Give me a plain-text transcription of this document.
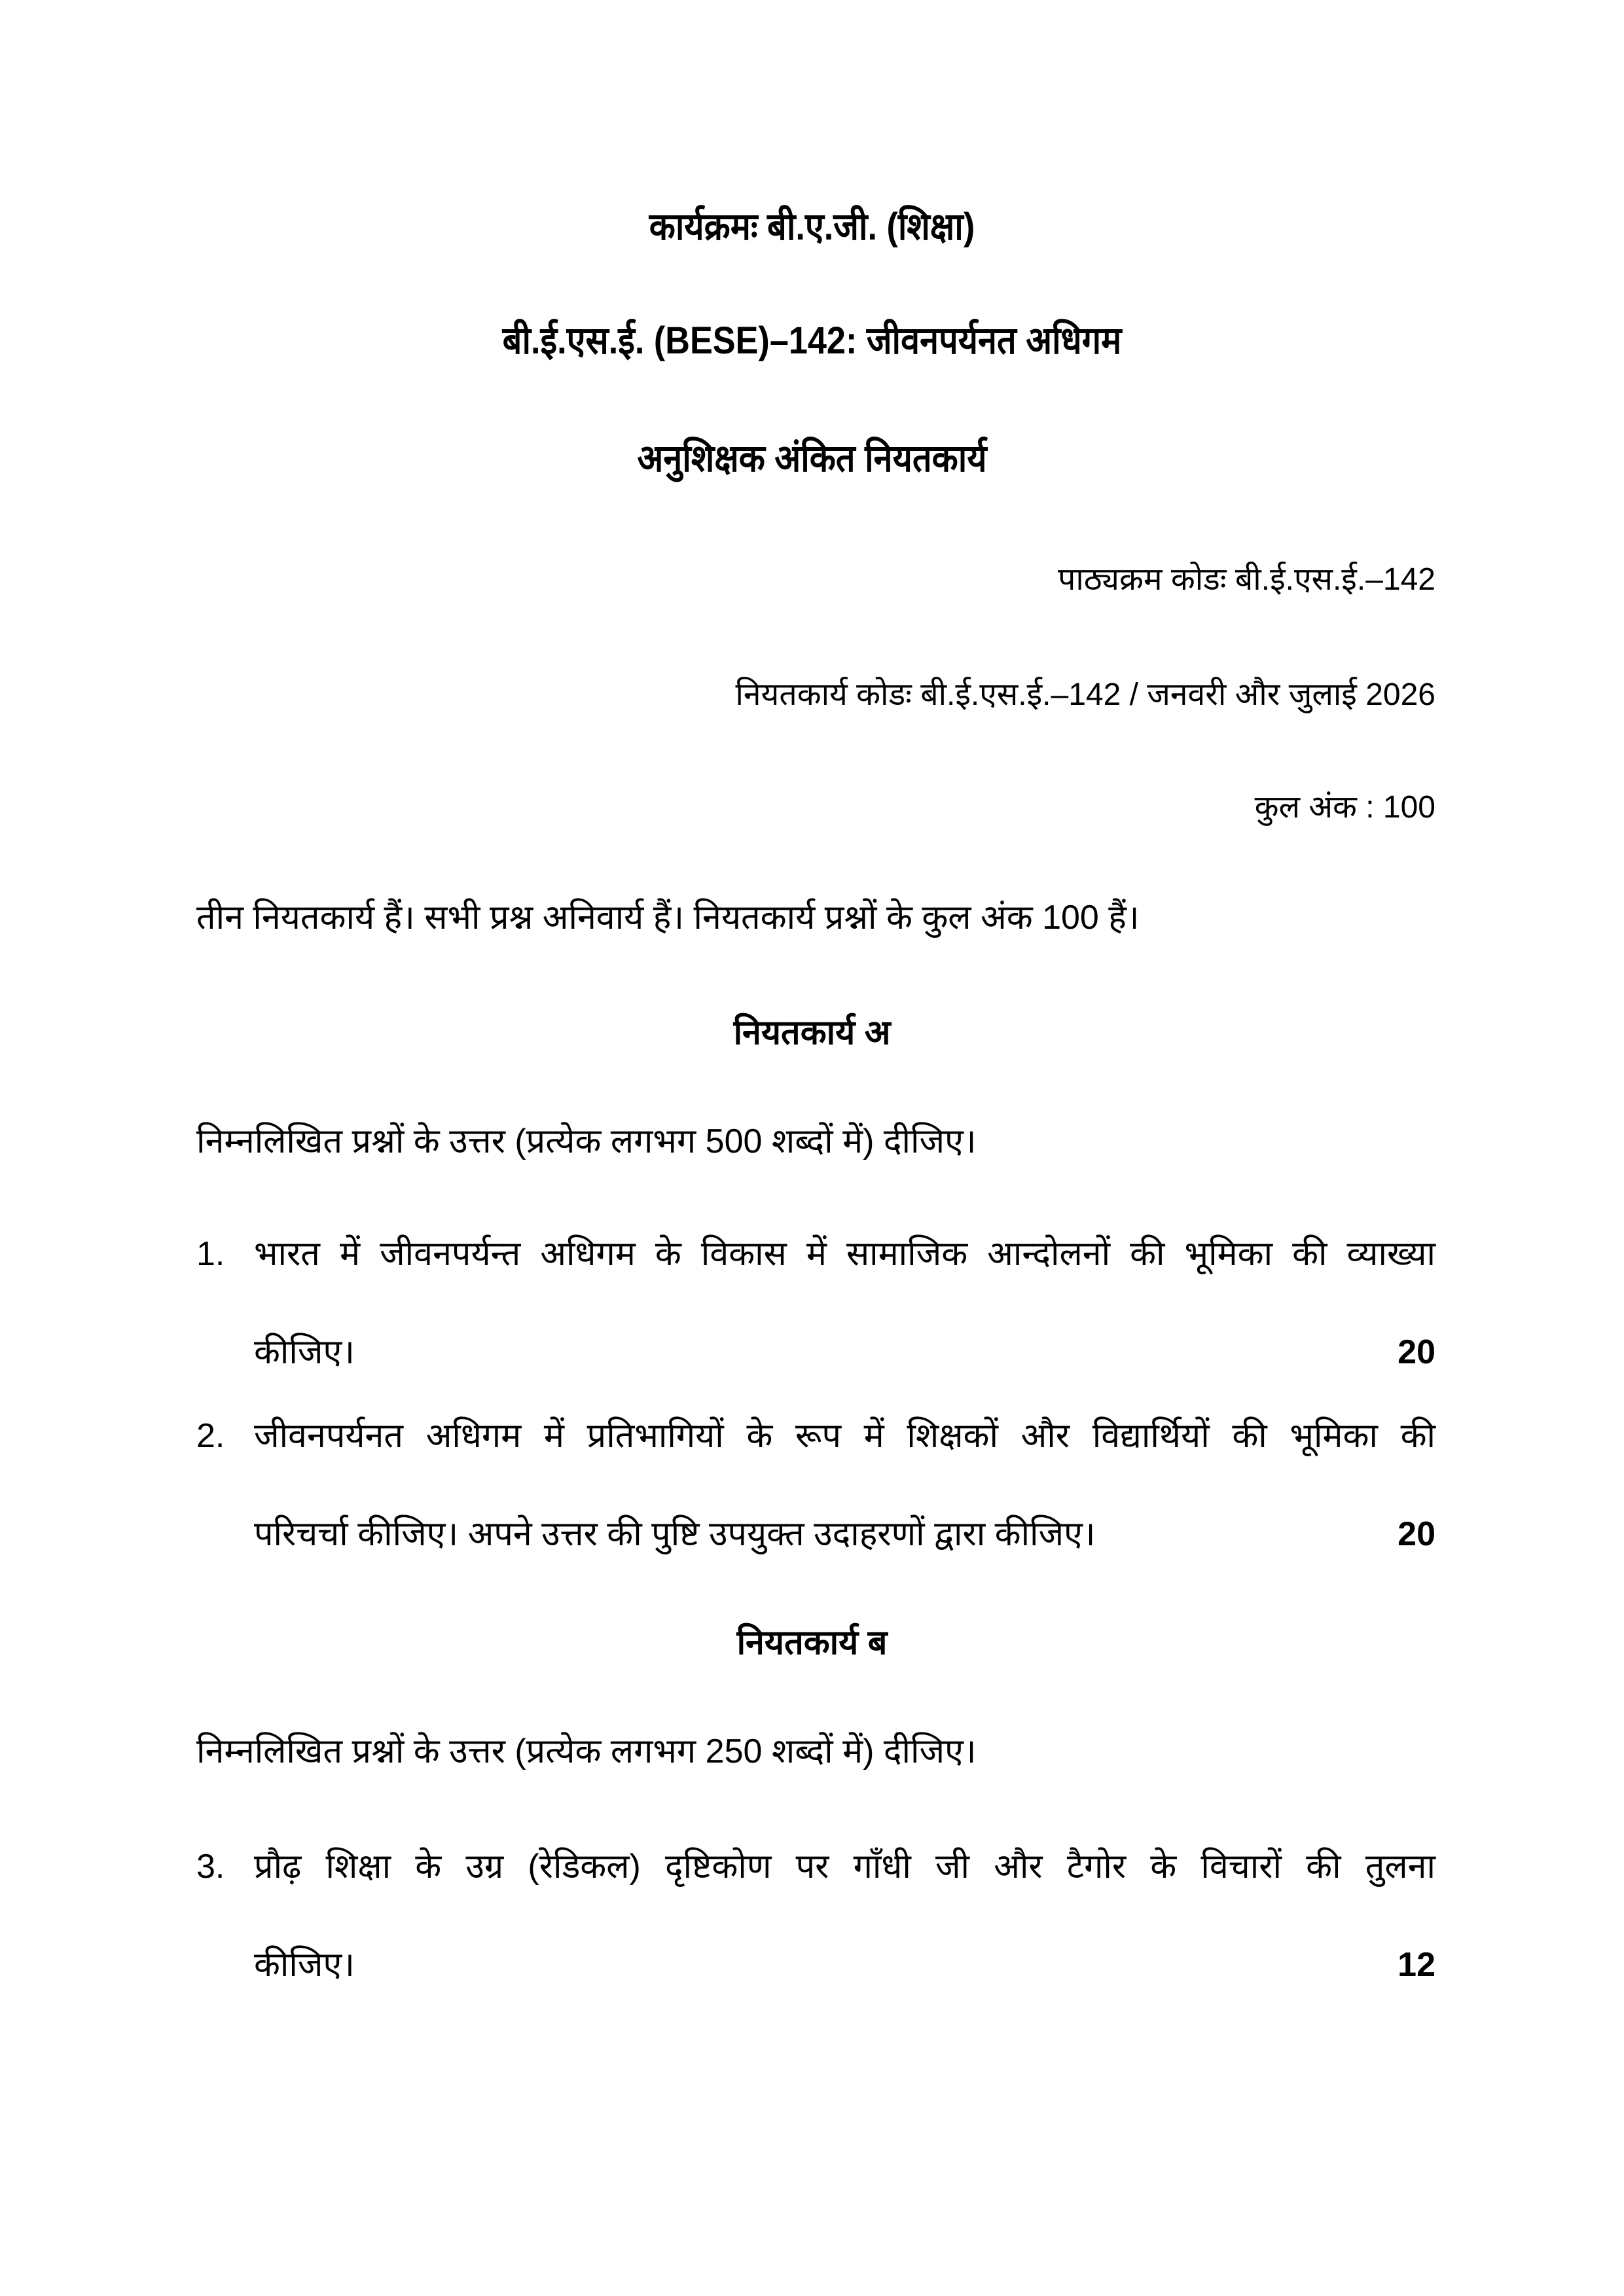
कार्यक्रमः बी.ए.जी. (शिक्षा)
बी.ई.एस.ई. (BESE)–142: जीवनपर्यनत अधिगम
अनुशिक्षक अंकित नियतकार्य
पाठ्यक्रम कोडः बी.ई.एस.ई.–142
नियतकार्य कोडः बी.ई.एस.ई.–142 / जनवरी और जुलाई 2026
कुल अंक : 100
तीन नियतकार्य हैं। सभी प्रश्न अनिवार्य हैं। नियतकार्य प्रश्नों के कुल अंक 100 हैं।
नियतकार्य अ
निम्नलिखित प्रश्नों के उत्तर (प्रत्येक लगभग 500 शब्दों में) दीजिए।
1. भारत में जीवनपर्यन्त अधिगम के विकास में सामाजिक आन्दोलनों की भूमिका की व्याख्या
कीजिए।	20
2. जीवनपर्यनत अधिगम में प्रतिभागियों के रूप में शिक्षकों और विद्यार्थियों की भूमिका की
परिचर्चा कीजिए। अपने उत्तर की पुष्टि उपयुक्त उदाहरणों द्वारा कीजिए।	20
नियतकार्य ब
निम्नलिखित प्रश्नों के उत्तर (प्रत्येक लगभग 250 शब्दों में) दीजिए।
3. प्रौढ़ शिक्षा के उग्र (रेडिकल) दृष्टिकोण पर गाँधी जी और टैगोर के विचारों की तुलना
कीजिए।	12
